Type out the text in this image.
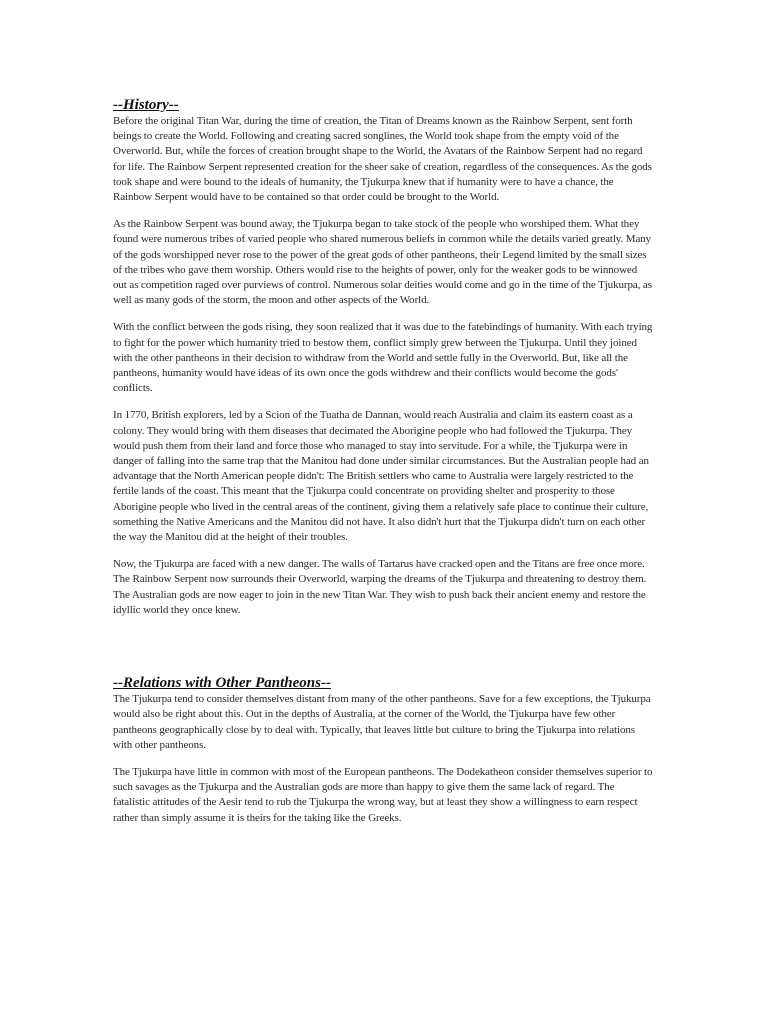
--History--

Before the original Titan War, during the time of creation, the Titan of Dreams known as the Rainbow Serpent, sent forth beings to create the World. Following and creating sacred songlines, the World took shape from the empty void of the Overworld. But, while the forces of creation brought shape to the World, the Avatars of the Rainbow Serpent had no regard for life. The Rainbow Serpent represented creation for the sheer sake of creation, regardless of the consequences. As the gods took shape and were bound to the ideals of humanity, the Tjukurpa knew that if humanity were to have a chance, the Rainbow Serpent would have to be contained so that order could be brought to the World.

As the Rainbow Serpent was bound away, the Tjukurpa began to take stock of the people who worshiped them. What they found were numerous tribes of varied people who shared numerous beliefs in common while the details varied greatly. Many of the gods worshipped never rose to the power of the great gods of other pantheons, their Legend limited by the small sizes of the tribes who gave them worship. Others would rise to the heights of power, only for the weaker gods to be winnowed out as competition raged over purviews of control. Numerous solar deities would come and go in the time of the Tjukurpa, as well as many gods of the storm, the moon and other aspects of the World.

With the conflict between the gods rising, they soon realized that it was due to the fatebindings of humanity. With each trying to fight for the power which humanity tried to bestow them, conflict simply grew between the Tjukurpa. Until they joined with the other pantheons in their decision to withdraw from the World and settle fully in the Overworld. But, like all the pantheons, humanity would have ideas of its own once the gods withdrew and their conflicts would become the gods' conflicts.

In 1770, British explorers, led by a Scion of the Tuatha de Dannan, would reach Australia and claim its eastern coast as a colony. They would bring with them diseases that decimated the Aborigine people who had followed the Tjukurpa. They would push them from their land and force those who managed to stay into servitude. For a while, the Tjukurpa were in danger of falling into the same trap that the Manitou had done under similar circumstances. But the Australian people had an advantage that the North American people didn't: The British settlers who came to Australia were largely restricted to the fertile lands of the coast. This meant that the Tjukurpa could concentrate on providing shelter and prosperity to those Aborigine people who lived in the central areas of the continent, giving them a relatively safe place to continue their culture, something the Native Americans and the Manitou did not have. It also didn't hurt that the Tjukurpa didn't turn on each other the way the Manitou did at the height of their troubles.

Now, the Tjukurpa are faced with a new danger. The walls of Tartarus have cracked open and the Titans are free once more. The Rainbow Serpent now surrounds their Overworld, warping the dreams of the Tjukurpa and threatening to destroy them. The Australian gods are now eager to join in the new Titan War. They wish to push back their ancient enemy and restore the idyllic world they once knew.

--Relations with Other Pantheons--

The Tjukurpa tend to consider themselves distant from many of the other pantheons. Save for a few exceptions, the Tjukurpa would also be right about this. Out in the depths of Australia, at the corner of the World, the Tjukurpa have few other pantheons geographically close by to deal with. Typically, that leaves little but culture to bring the Tjukurpa into relations with other pantheons.

The Tjukurpa have little in common with most of the European pantheons. The Dodekatheon consider themselves superior to such savages as the Tjukurpa and the Australian gods are more than happy to give them the same lack of regard. The fatalistic attitudes of the Aesir tend to rub the Tjukurpa the wrong way, but at least they show a willingness to earn respect rather than simply assume it is theirs for the taking like the Greeks.
